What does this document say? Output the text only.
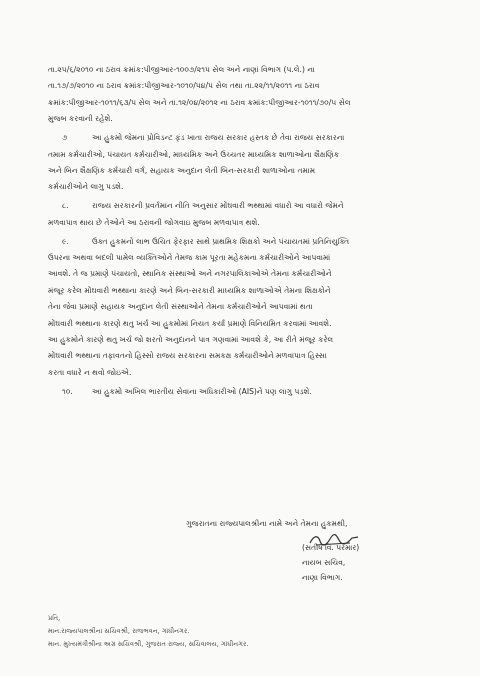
તા.૨૫/૬/૨૦૧૦ ના ઠરાવ ક્રમાંક:પીજીઆર-૧૦૦૭/૨૧૫ સેલ અને નાણાં વિભાગ (પ.લે.) ના
તા.૧૭/૭/૨૦૧૦ ના ઠરાવ ક્રમાંક:પીજીઆર-૧૦૧૦/૫૪/૫ સેલ તથા તા.૨૨/૧૧/૨૦૧૧ ના ઠરાવ
ક્રમાંક:પીજીઆર-૧૦૧૧/૬૩/૫ સેલ અને તા.૧૨/૦૪/૨૦૧૨ ના ઠરાવ ક્રમાંક:પીજીઆર-૧૦૧૧/૭૦/૫ સેલ
મુજબ કરવાની રહેશે.

૭	આ હુકમો જેમના પ્રોવિડન્ટ ફંડ ખાતા રાજય સરકાર હસ્તક છે તેવા રાજય સરકારના
તમામ કર્મચારીઓ, પંચાયત કર્મચારીઓ, માધ્યમિક અને ઉચ્ચતર માધ્યમિક શાળાઓના શૈક્ષણિક
અને બિન શૈક્ષણિક કર્મચારી વર્ગ, સહાયક અનુદાન લેતી બિન-સરકારી શાળાઓના તમામ
કર્મચારીઓને લાગુ પડશે.

૮.	રાજય સરકારની પ્રવર્તમાન નીતિ અનુસાર મોંઘવારી ભથ્થામાં વધારો આ વધારો જેમને
મળવાપાત્ર થાય છે તેઓને આ ઠરાવની જોગવાઇ મુજબ મળવાપાત્ર થશે.

૯.	ઉક્ત હુકમનો લાભ ઉચિત ફેરફાર સાથે પ્રાથમિક શિક્ષકો અને પંચાયતમાં પ્રતિનિયુક્તિ
ઉપરના અથવા બદલી પામેલ વ્યક્તિઓને તેમજ કામ પૂરતા મહેકમના કર્મચારીઓને આપવામાં
આવશે. તે જ પ્રમાણે પંચાયતો, સ્થાનિક સંસ્થાઓ અને નગરપાલિકાઓએ તેમના કર્મચારીઓને
મંજૂર કરેલ મોંઘવારી ભથ્થાના કારણે અને બિન-સરકારી માધ્યમિક શાળાઓએ તેમના શિક્ષકોને
તેના જેવા પ્રમાણે સહાયક અનુદાન લેતી સંસ્થાઓને તેમના કર્મચારીઓને આપવામાં થતા
મોંઘવારી ભથ્થાના કારણે થતુ ખર્ચ આ હુકમોમાં નિયત કર્યા પ્રમાણે વિનિયમિત કરવામાં આવશે.
આ હુકમોને કારણે થતુ ખર્ચ જો શરતો અનુદાનને પાત્ર ગણવામાં આવશે કે, આ રીતે મંજૂર કરેલ
મોંઘવારી ભથ્થાના તફાવતનો હિસ્સો રાજય સરકારના સમકક્ષ કર્મચારીઓને મળવાપાત્ર હિસ્સા
કરતા વધારે ન થવો જોઇએ.

૧૦.	આ હુકમો અખિલ ભારતીય સેવાના અધિકારીઓ (AIS)ને પણ લાગુ પડશે.

ગુજરાતના રાજ્યપાલશ્રીના નામે અને તેમના હુકમથી,
(સતીષ વિ. પરમાર)
નાયબ સચિવ,
નાણા વિભાગ.
પ્રતિ,
માન.રાજ્યપાલશ્રીના સચિવશ્રી, રાજભવન, ગાંધીનગર.
માન. મુખ્યમંત્રીશ્રીના અગ્ર સચિવશ્રી, ગુજરાત રાજ્ય, સચિવાલય, ગાંધીનગર.
